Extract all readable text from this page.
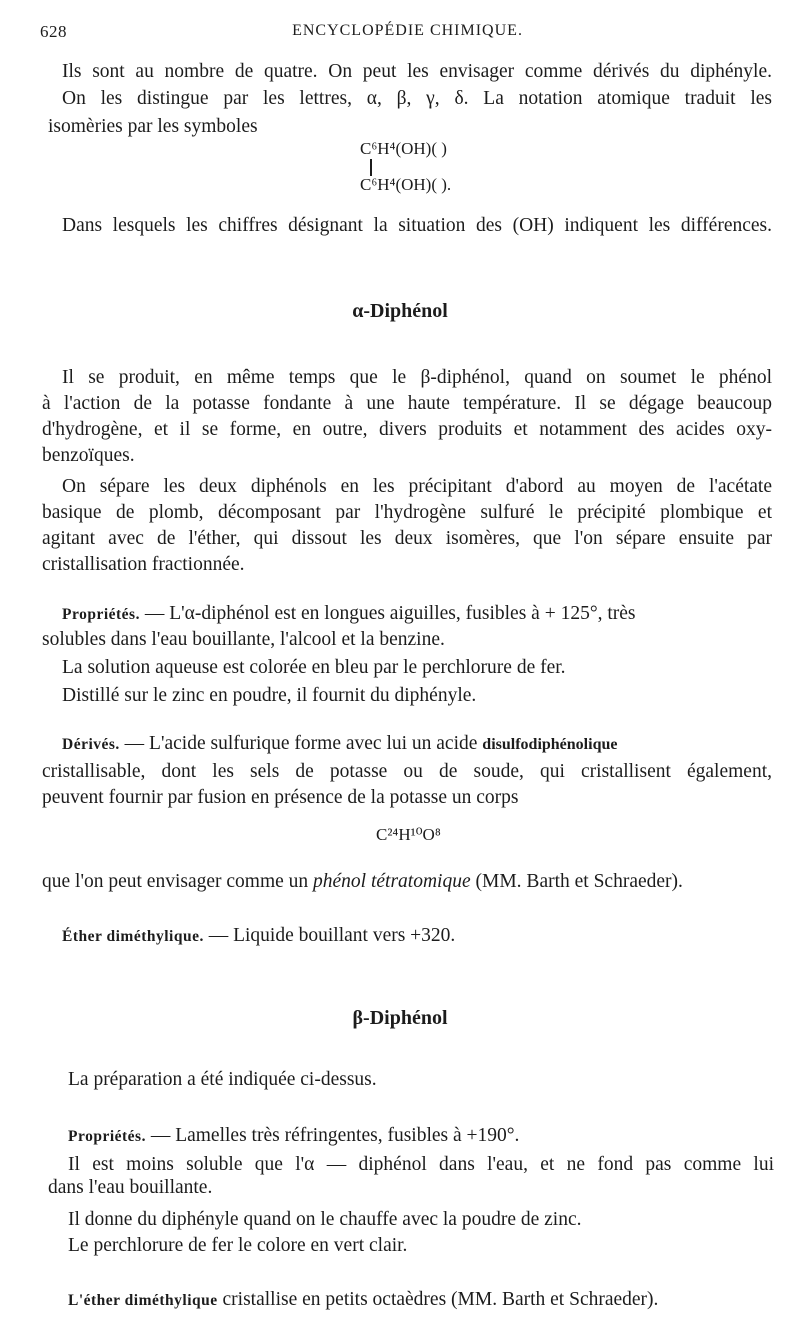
628	ENCYCLOPÉDIE CHIMIQUE.
Ils sont au nombre de quatre. On peut les envisager comme dérivés du diphényle.
On les distingue par les lettres, α, β, γ, δ. La notation atomique traduit les
isomèries par les symboles
C⁶H⁴(OH)( )
C⁶H⁴(OH)( ).
Dans lesquels les chiffres désignant la situation des (OH) indiquent les différences.
α-Diphénol
Il se produit, en même temps que le β-diphénol, quand on soumet le phénol
à l'action de la potasse fondante à une haute température. Il se dégage beaucoup
d'hydrogène, et il se forme, en outre, divers produits et notamment des acides oxy-
benzoïques.
On sépare les deux diphénols en les précipitant d'abord au moyen de l'acétate
basique de plomb, décomposant par l'hydrogène sulfuré le précipité plombique et
agitant avec de l'éther, qui dissout les deux isomères, que l'on sépare ensuite par
cristallisation fractionnée.
Propriétés. — L'α-diphénol est en longues aiguilles, fusibles à + 125°, très
solubles dans l'eau bouillante, l'alcool et la benzine.
La solution aqueuse est colorée en bleu par le perchlorure de fer.
Distillé sur le zinc en poudre, il fournit du diphényle.
Dérivés. — L'acide sulfurique forme avec lui un acide disulfodiphénolique
cristallisable, dont les sels de potasse ou de soude, qui cristallisent également,
peuvent fournir par fusion en présence de la potasse un corps
C²⁴H¹⁰O⁸
que l'on peut envisager comme un phénol tétratomique (MM. Barth et Schraeder).
Éther diméthylique. — Liquide bouillant vers +320.
β-Diphénol
La préparation a été indiquée ci-dessus.
Propriétés. — Lamelles très réfringentes, fusibles à +190°.
Il est moins soluble que l'α — diphénol dans l'eau, et ne fond pas comme lui
dans l'eau bouillante.
Il donne du diphényle quand on le chauffe avec la poudre de zinc.
Le perchlorure de fer le colore en vert clair.
L'éther diméthylique cristallise en petits octaèdres (MM. Barth et Schraeder).
